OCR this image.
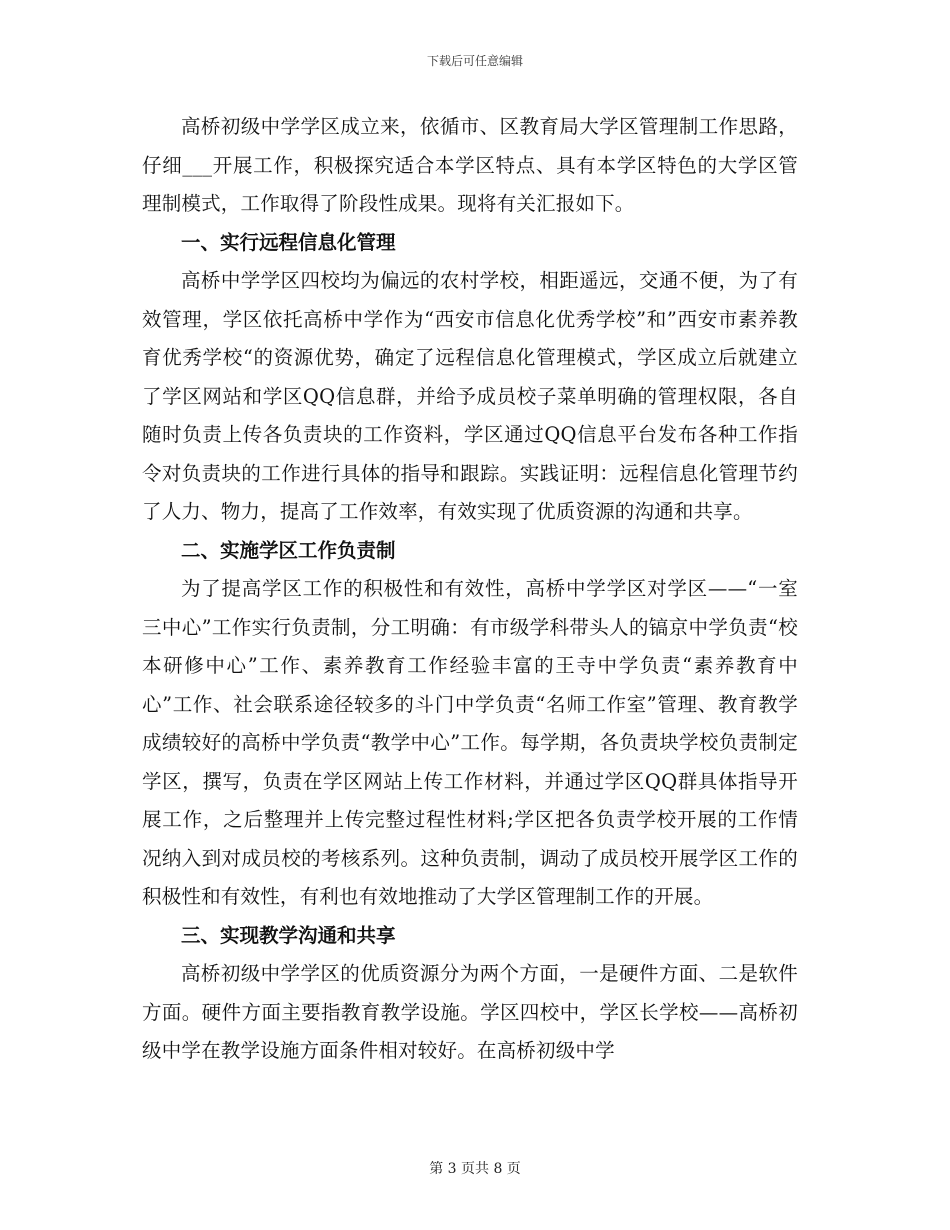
下载后可任意编辑

高桥初级中学学区成立来，依循市、区教育局大学区管理制工作思路，仔细___开展工作，积极探究适合本学区特点、具有本学区特色的大学区管理制模式，工作取得了阶段性成果。现将有关汇报如下。

一、实行远程信息化管理

高桥中学学区四校均为偏远的农村学校，相距遥远，交通不便，为了有效管理，学区依托高桥中学作为“西安市信息化优秀学校”和”西安市素养教育优秀学校“的资源优势，确定了远程信息化管理模式，学区成立后就建立了学区网站和学区QQ信息群，并给予成员校子菜单明确的管理权限，各自随时负责上传各负责块的工作资料，学区通过QQ信息平台发布各种工作指令对负责块的工作进行具体的指导和跟踪。实践证明：远程信息化管理节约了人力、物力，提高了工作效率，有效实现了优质资源的沟通和共享。

二、实施学区工作负责制

为了提高学区工作的积极性和有效性，高桥中学学区对学区——“一室三中心”工作实行负责制，分工明确：有市级学科带头人的镐京中学负责“校本研修中心”工作、素养教育工作经验丰富的王寺中学负责“素养教育中心”工作、社会联系途径较多的斗门中学负责“名师工作室”管理、教育教学成绩较好的高桥中学负责“教学中心”工作。每学期，各负责块学校负责制定学区，撰写，负责在学区网站上传工作材料，并通过学区QQ群具体指导开展工作，之后整理并上传完整过程性材料;学区把各负责学校开展的工作情况纳入到对成员校的考核系列。这种负责制，调动了成员校开展学区工作的积极性和有效性，有利也有效地推动了大学区管理制工作的开展。

三、实现教学沟通和共享

高桥初级中学学区的优质资源分为两个方面，一是硬件方面、二是软件方面。硬件方面主要指教育教学设施。学区四校中，学区长学校——高桥初级中学在教学设施方面条件相对较好。在高桥初级中学

第 3 页共 8 页
